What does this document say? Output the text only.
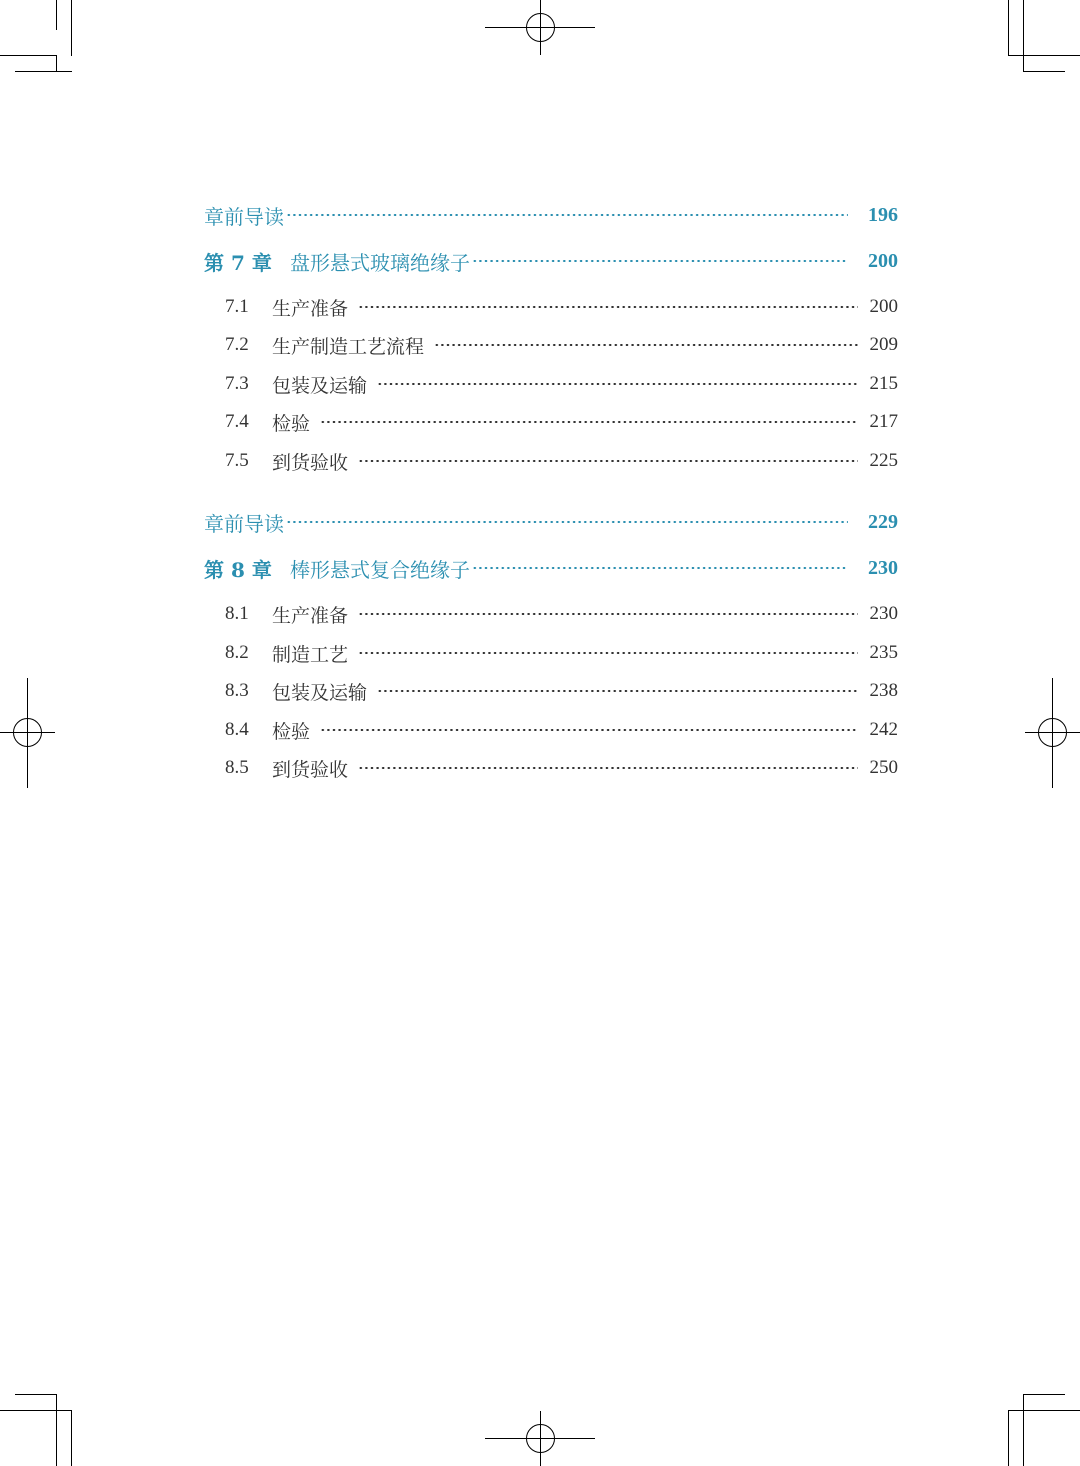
章前导读	196
第 7 章 盘形悬式玻璃绝缘子	200
7.1	生产准备	200
7.2	生产制造工艺流程	209
7.3	包装及运输	215
7.4	检验	217
7.5	到货验收	225
章前导读	229
第 8 章 棒形悬式复合绝缘子	230
8.1	生产准备	230
8.2	制造工艺	235
8.3	包装及运输	238
8.4	检验	242
8.5	到货验收	250
